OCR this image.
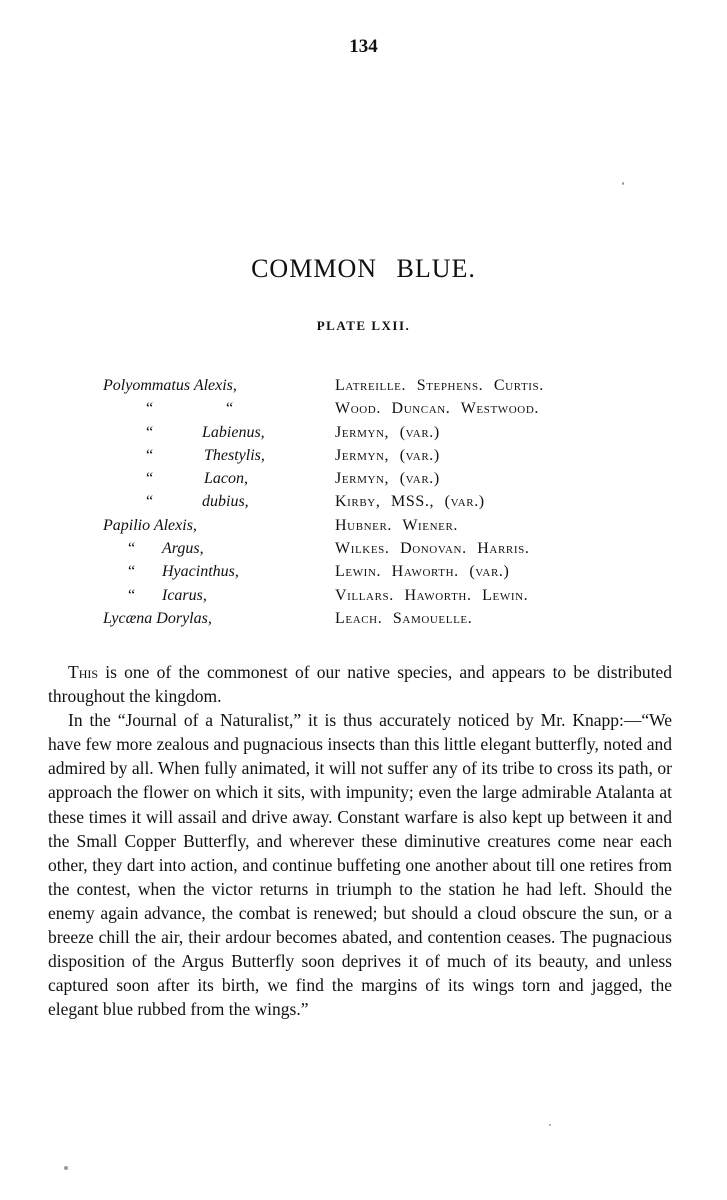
134
COMMON BLUE.
PLATE LXII.
Polyommatus Alexis,	Latreille. Stephens. Curtis.
“	“	Wood. Duncan. Westwood.
“	Labienus,	Jermyn, (var.)
“	Thestylis,	Jermyn, (var.)
“	Lacon,	Jermyn, (var.)
“	dubius,	Kirby, MSS., (var.)
Papilio Alexis,	Hubner. Wiener.
“ Argus,	Wilkes. Donovan. Harris.
“ Hyacinthus,	Lewin. Haworth. (var.)
“ Icarus,	Villars. Haworth. Lewin.
Lycæna Dorylas,	Leach. Samouelle.

This is one of the commonest of our native species, and appears to be distributed throughout the kingdom.

In the “Journal of a Naturalist,” it is thus accurately noticed by Mr. Knapp:—“We have few more zealous and pugnacious insects than this little elegant butterfly, noted and admired by all. When fully animated, it will not suffer any of its tribe to cross its path, or approach the flower on which it sits, with impunity; even the large admirable Atalanta at these times it will assail and drive away. Constant warfare is also kept up between it and the Small Copper Butterfly, and wherever these diminutive creatures come near each other, they dart into action, and continue buffeting one another about till one retires from the contest, when the victor returns in triumph to the station he had left. Should the enemy again advance, the combat is renewed; but should a cloud obscure the sun, or a breeze chill the air, their ardour becomes abated, and contention ceases. The pugnacious disposition of the Argus Butterfly soon deprives it of much of its beauty, and unless captured soon after its birth, we find the margins of its wings torn and jagged, the elegant blue rubbed from the wings.”
